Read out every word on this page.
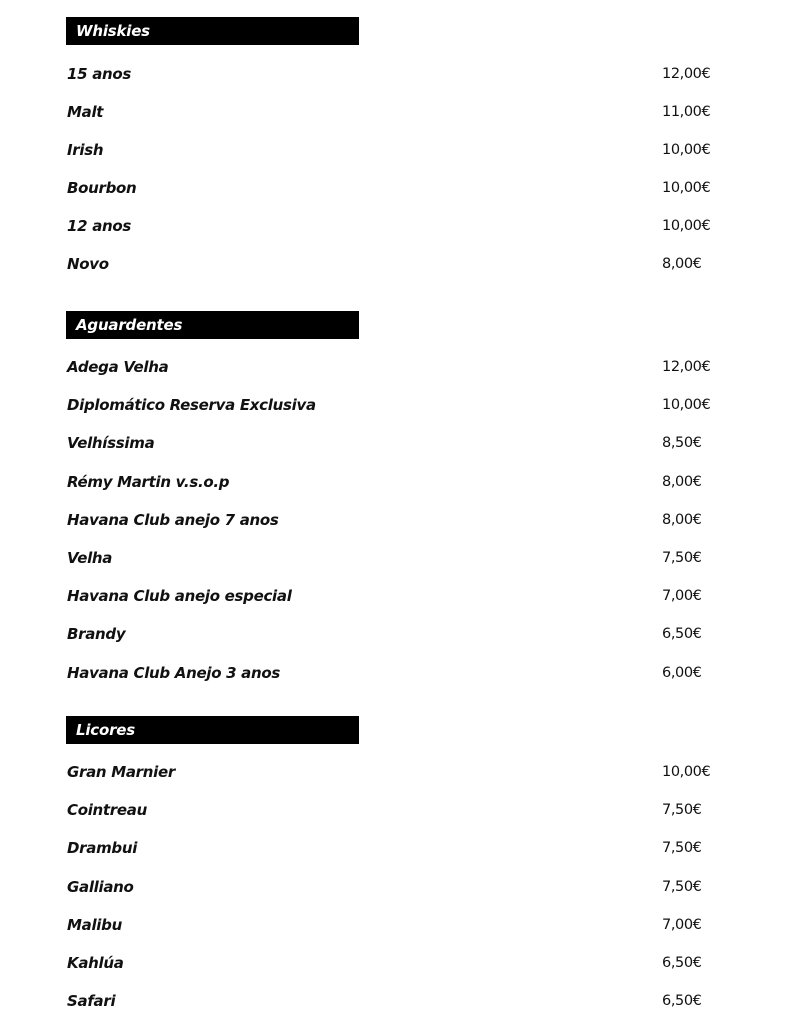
Whiskies
15 anos	12,00€
Malt	11,00€
Irish	10,00€
Bourbon	10,00€
12 anos	10,00€
Novo	8,00€
Aguardentes
Adega Velha	12,00€
Diplomático Reserva Exclusiva	10,00€
Velhíssima	8,50€
Rémy Martin v.s.o.p	8,00€
Havana Club anejo 7 anos	8,00€
Velha	7,50€
Havana Club anejo especial	7,00€
Brandy	6,50€
Havana Club Anejo 3 anos	6,00€
Licores
Gran Marnier	10,00€
Cointreau	7,50€
Drambui	7,50€
Galliano	7,50€
Malibu	7,00€
Kahlúa	6,50€
Safari	6,50€
